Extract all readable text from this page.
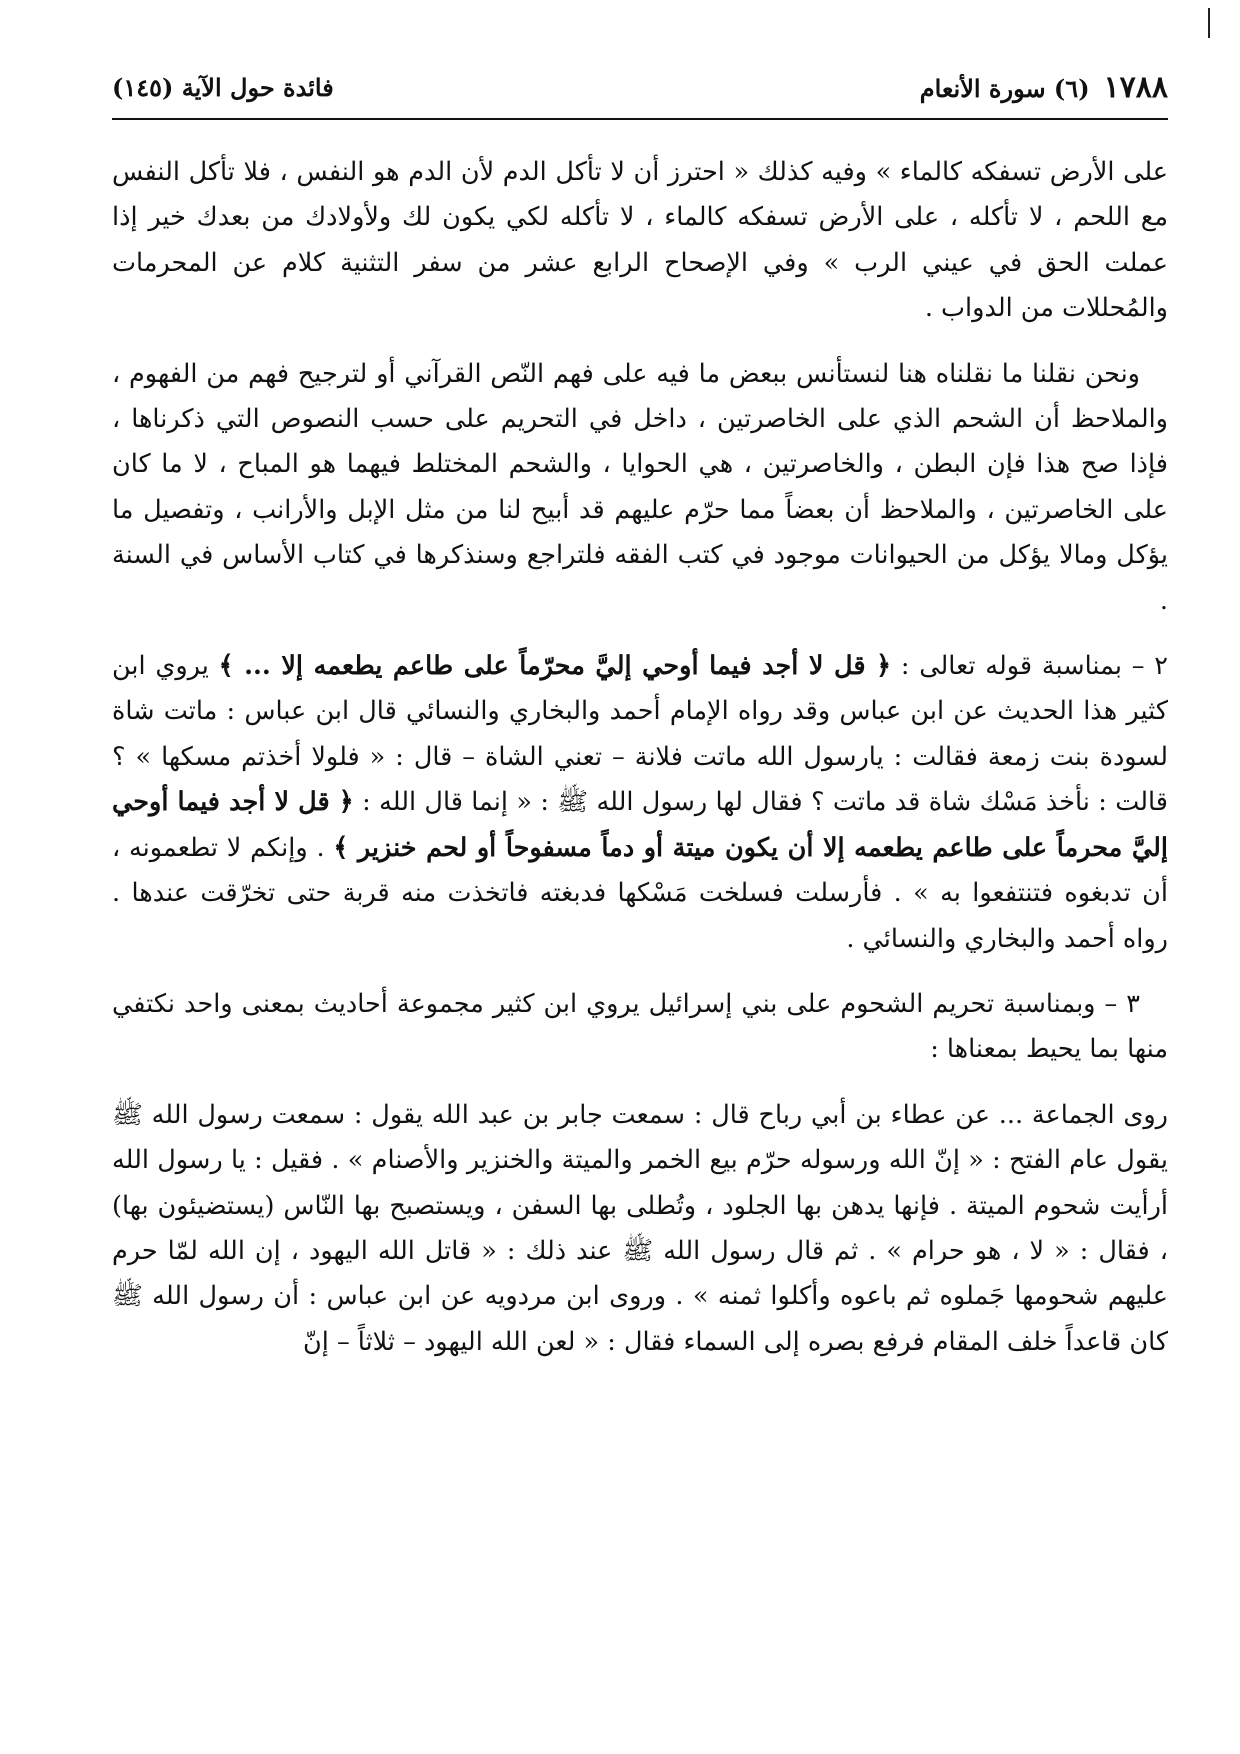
١٧٨٨
(٦) سورة الأنعام
فائدة حول الآية (١٤٥)

على الأرض تسفكه كالماء » وفيه كذلك « احترز أن لا تأكل الدم لأن الدم هو النفس ، فلا تأكل النفس مع اللحم ، لا تأكله ، على الأرض تسفكه كالماء ، لا تأكله لكي يكون لك ولأولادك من بعدك خير إذا عملت الحق في عيني الرب » وفي الإصحاح الرابع عشر من سفر التثنية كلام عن المحرمات والمُحللات من الدواب .

ونحن نقلنا ما نقلناه هنا لنستأنس ببعض ما فيه على فهم النّص القرآني أو لترجيح فهم من الفهوم ، والملاحظ أن الشحم الذي على الخاصرتين ، داخل في التحريم على حسب النصوص التي ذكرناها ، فإذا صح هذا فإن البطن ، والخاصرتين ، هي الحوايا ، والشحم المختلط فيهما هو المباح ، لا ما كان على الخاصرتين ، والملاحظ أن بعضاً مما حرّم عليهم قد أبيح لنا من مثل الإبل والأرانب ، وتفصيل ما يؤكل ومالا يؤكل من الحيوانات موجود في كتب الفقه فلتراجع وسنذكرها في كتاب الأساس في السنة .

٢ – بمناسبة قوله تعالى : ﴿ قل لا أجد فيما أوحي إليَّ محرّماً على طاعم يطعمه إلا ... ﴾ يروي ابن كثير هذا الحديث عن ابن عباس وقد رواه الإمام أحمد والبخاري والنسائي قال ابن عباس : ماتت شاة لسودة بنت زمعة فقالت : يارسول الله ماتت فلانة – تعني الشاة – قال : « فلولا أخذتم مسكها » ؟ قالت : نأخذ مَسْك شاة قد ماتت ؟ فقال لها رسول الله ﷺ : « إنما قال الله : ﴿ قل لا أجد فيما أوحي إليَّ محرماً على طاعم يطعمه إلا أن يكون ميتة أو دماً مسفوحاً أو لحم خنزير ﴾ . وإنكم لا تطعمونه ، أن تدبغوه فتنتفعوا به » . فأرسلت فسلخت مَسْكها فدبغته فاتخذت منه قربة حتى تخرّقت عندها . رواه أحمد والبخاري والنسائي .

٣ – وبمناسبة تحريم الشحوم على بني إسرائيل يروي ابن كثير مجموعة أحاديث بمعنى واحد نكتفي منها بما يحيط بمعناها :

روى الجماعة ... عن عطاء بن أبي رباح قال : سمعت جابر بن عبد الله يقول : سمعت رسول الله ﷺ يقول عام الفتح : « إنّ الله ورسوله حرّم بيع الخمر والميتة والخنزير والأصنام » . فقيل : يا رسول الله أرأيت شحوم الميتة . فإنها يدهن بها الجلود ، وتُطلى بها السفن ، ويستصبح بها النّاس (يستضيئون بها) ، فقال : « لا ، هو حرام » . ثم قال رسول الله ﷺ عند ذلك : « قاتل الله اليهود ، إن الله لمّا حرم عليهم شحومها جَملوه ثم باعوه وأكلوا ثمنه » . وروى ابن مردويه عن ابن عباس : أن رسول الله ﷺ كان قاعداً خلف المقام فرفع بصره إلى السماء فقال : « لعن الله اليهود – ثلاثاً – إنّ
